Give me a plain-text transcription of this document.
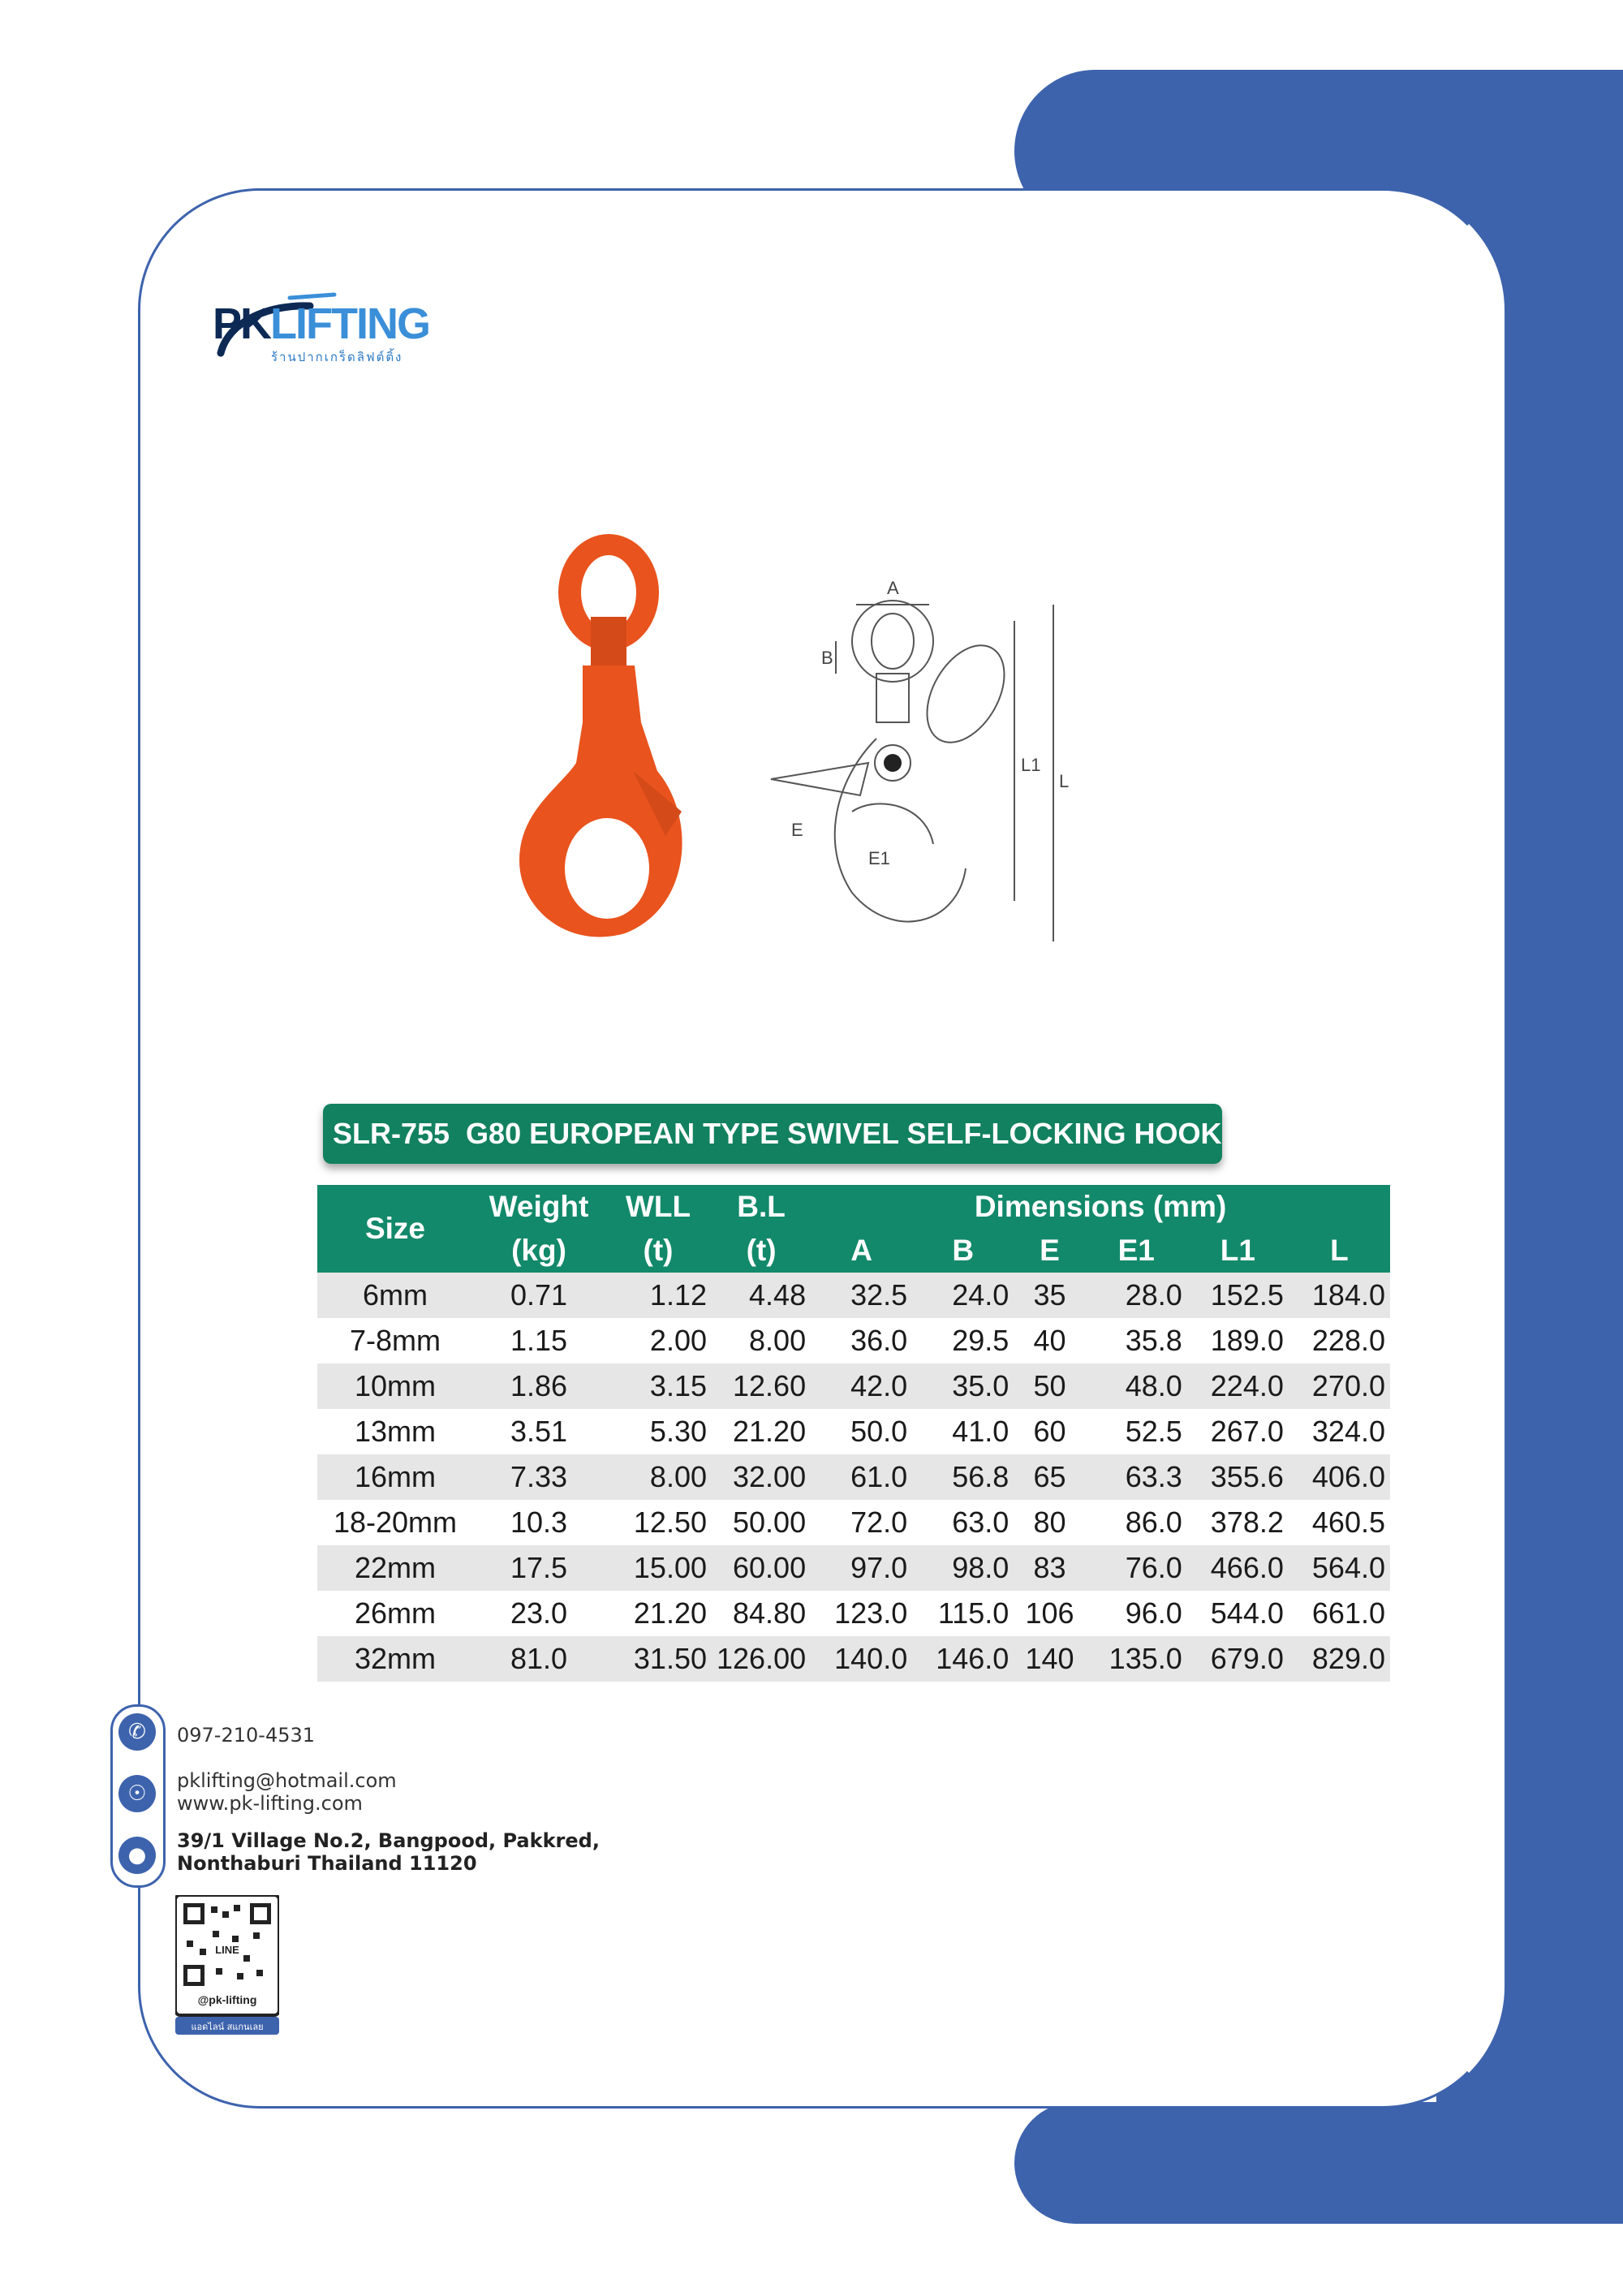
PKLIFTING
ร้านปากเกร็ดลิฟต์ติ้ง
A
B
E
E1
L1
L
SLR-755  G80 EUROPEAN TYPE SWIVEL SELF-LOCKING HOOK
Size	Weight	WLL	B.L	Dimensions (mm)					
	(kg)	(t)	(t)	A	B	E	E1	L1	L
6mm	0.71	1.12	4.48	32.5	24.0	35	28.0	152.5	184.0
7-8mm	1.15	2.00	8.00	36.0	29.5	40	35.8	189.0	228.0
10mm	1.86	3.15	12.60	42.0	35.0	50	48.0	224.0	270.0
13mm	3.51	5.30	21.20	50.0	41.0	60	52.5	267.0	324.0
16mm	7.33	8.00	32.00	61.0	56.8	65	63.3	355.6	406.0
18-20mm	10.3	12.50	50.00	72.0	63.0	80	86.0	378.2	460.5
22mm	17.5	15.00	60.00	97.0	98.0	83	76.0	466.0	564.0
26mm	23.0	21.20	84.80	123.0	115.0	106	96.0	544.0	661.0
32mm	81.0	31.50	126.00	140.0	146.0	140	135.0	679.0	829.0
✆
☉
●
097-210-4531
pklifting@hotmail.com
www.pk-lifting.com
39/1 Village No.2, Bangpood, Pakkred,
Nonthaburi Thailand 11120
LINE
@pk-lifting
แอดไลน์ สแกนเลย
